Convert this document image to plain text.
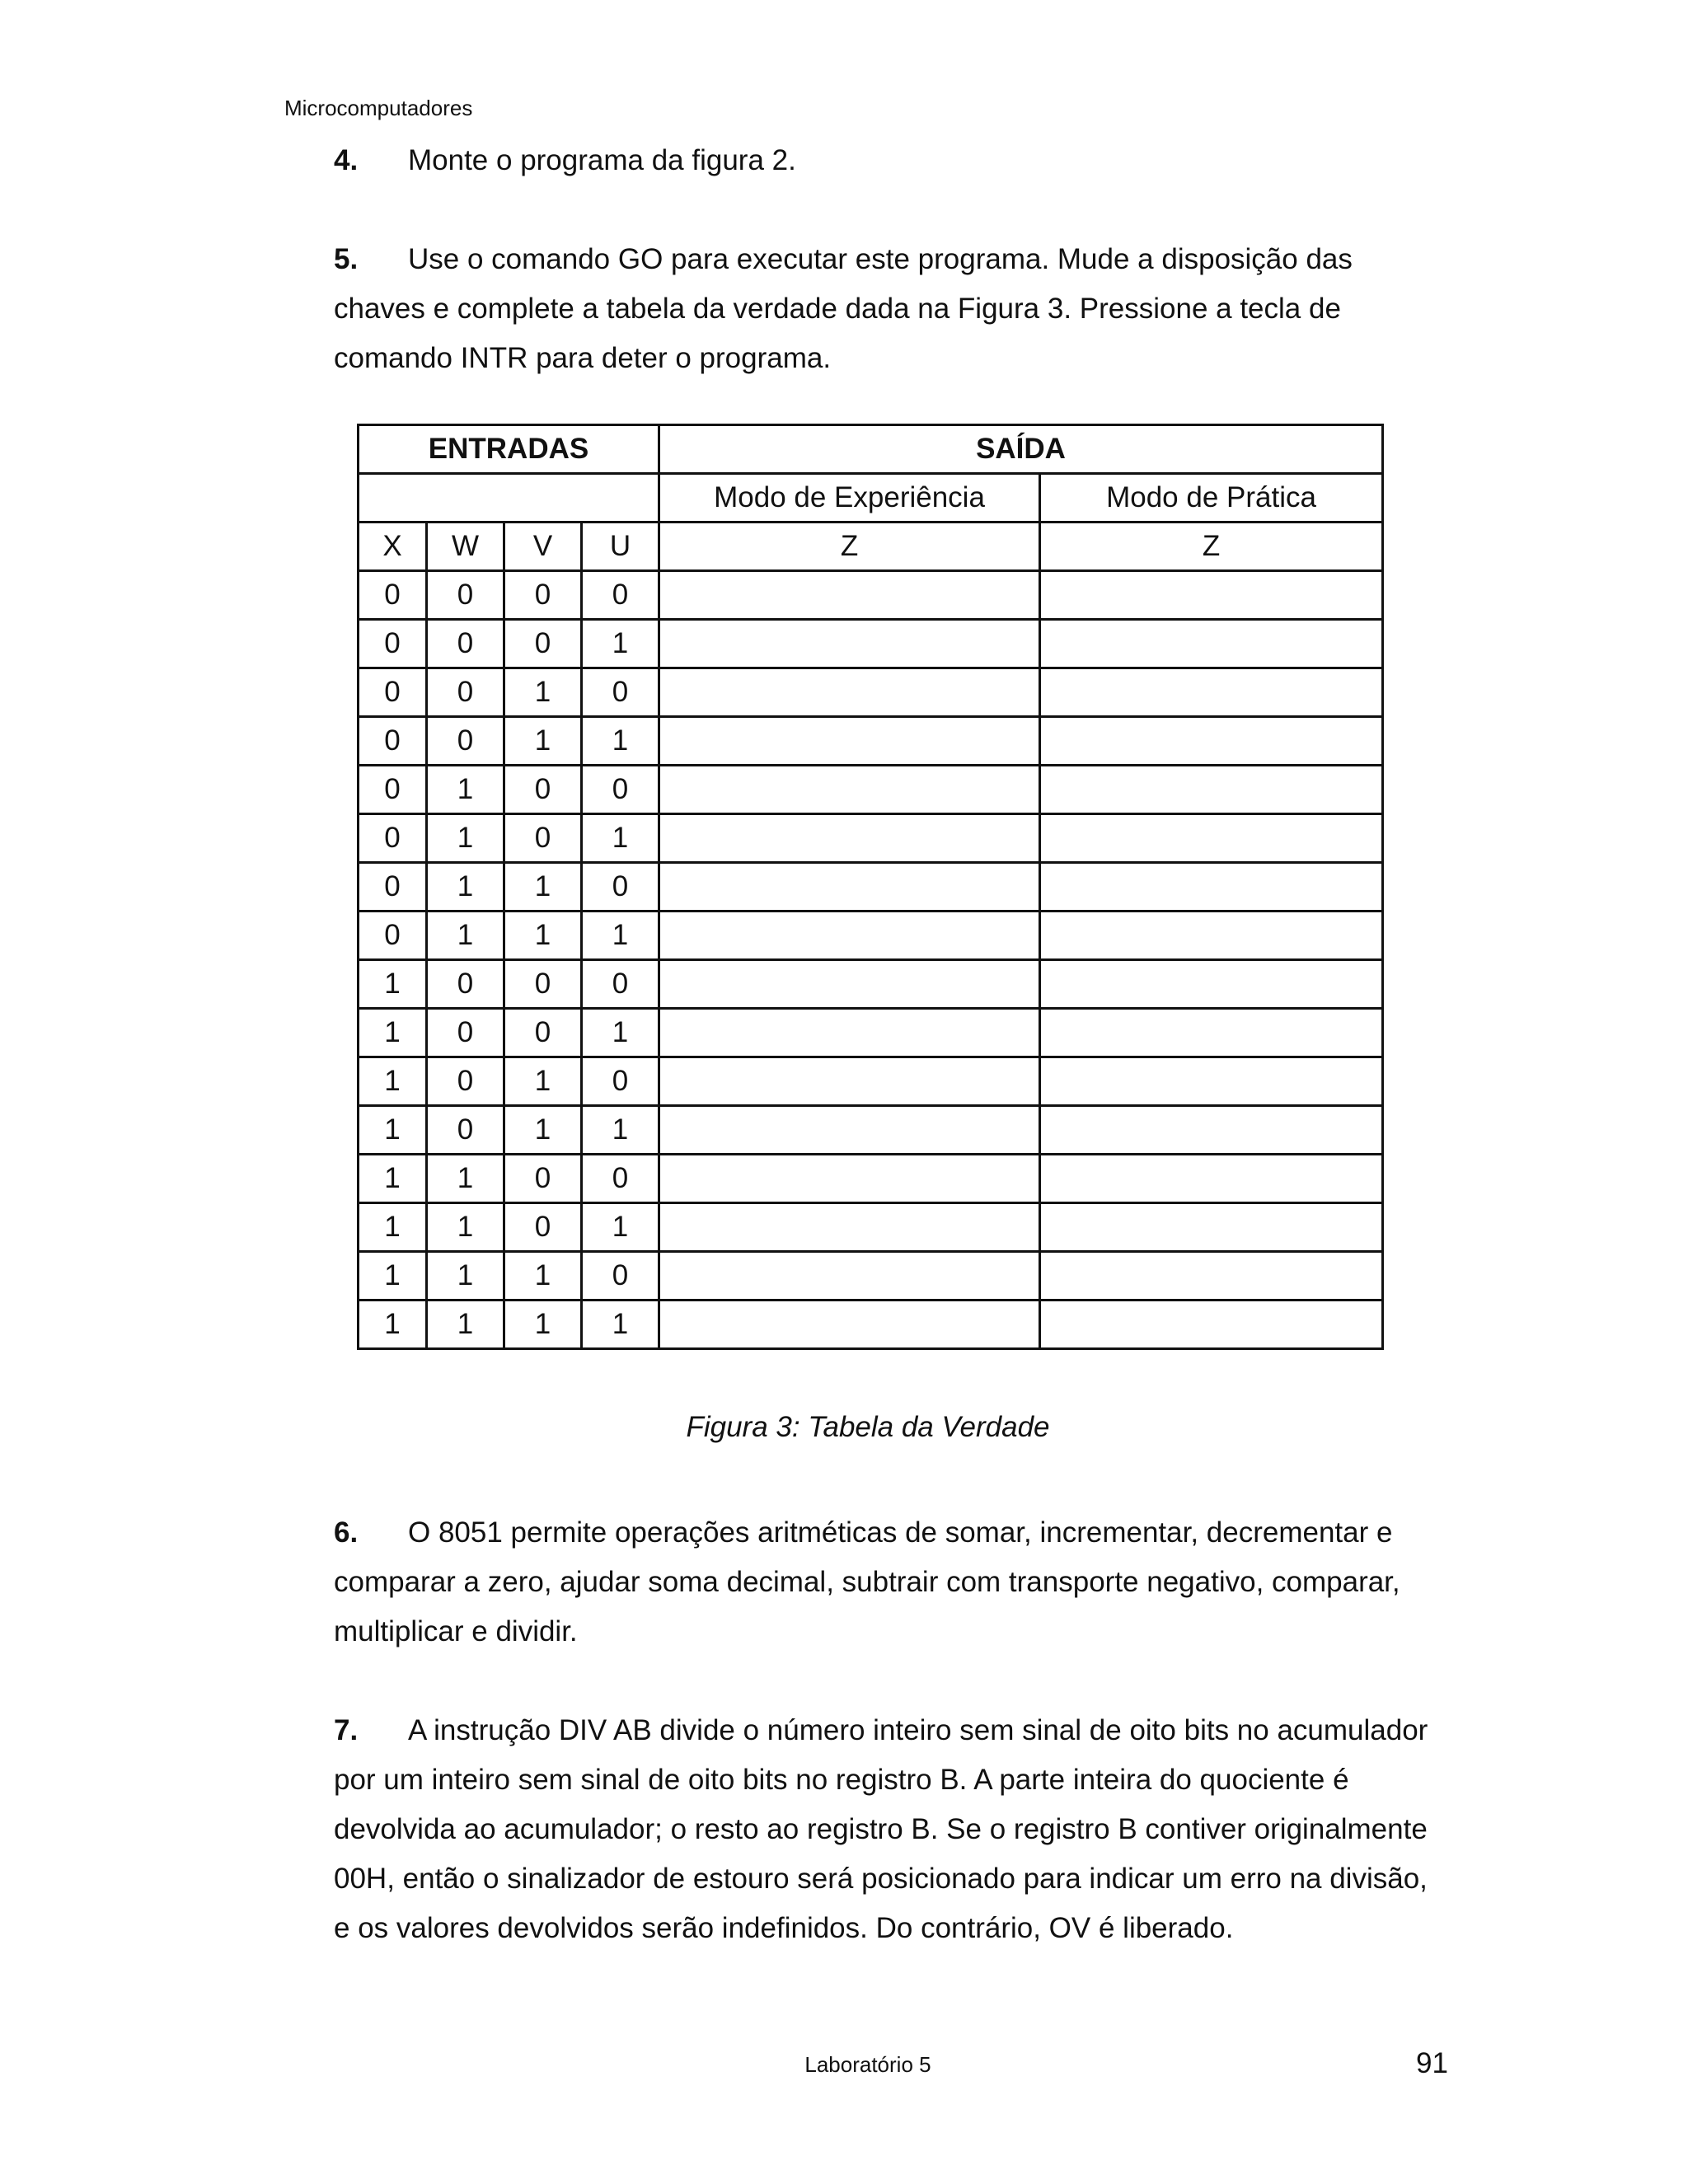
Microcomputadores
4. Monte o programa da figura 2.
5. Use o comando GO para executar este programa. Mude a disposição das chaves e complete a tabela da verdade dada na Figura 3. Pressione a tecla de comando INTR para deter o programa.
ENTRADAS				SAÍDA	
				Modo de Experiência	Modo de Prática
X	W	V	U	Z	Z
0	0	0	0		
0	0	0	1		
0	0	1	0		
0	0	1	1		
0	1	0	0		
0	1	0	1		
0	1	1	0		
0	1	1	1		
1	0	0	0		
1	0	0	1		
1	0	1	0		
1	0	1	1		
1	1	0	0		
1	1	0	1		
1	1	1	0		
1	1	1	1		
Figura 3: Tabela da Verdade
6. O 8051 permite operações aritméticas de somar, incrementar, decrementar e comparar a zero, ajudar soma decimal, subtrair com transporte negativo, comparar, multiplicar e dividir.
7. A instrução DIV AB divide o número inteiro sem sinal de oito bits no acumulador por um inteiro sem sinal de oito bits no registro B. A parte inteira do quociente é devolvida ao acumulador; o resto ao registro B. Se o registro B contiver originalmente 00H, então o sinalizador de estouro será posicionado para indicar um erro na divisão, e os valores devolvidos serão indefinidos. Do contrário, OV é liberado.
Laboratório 5	91
